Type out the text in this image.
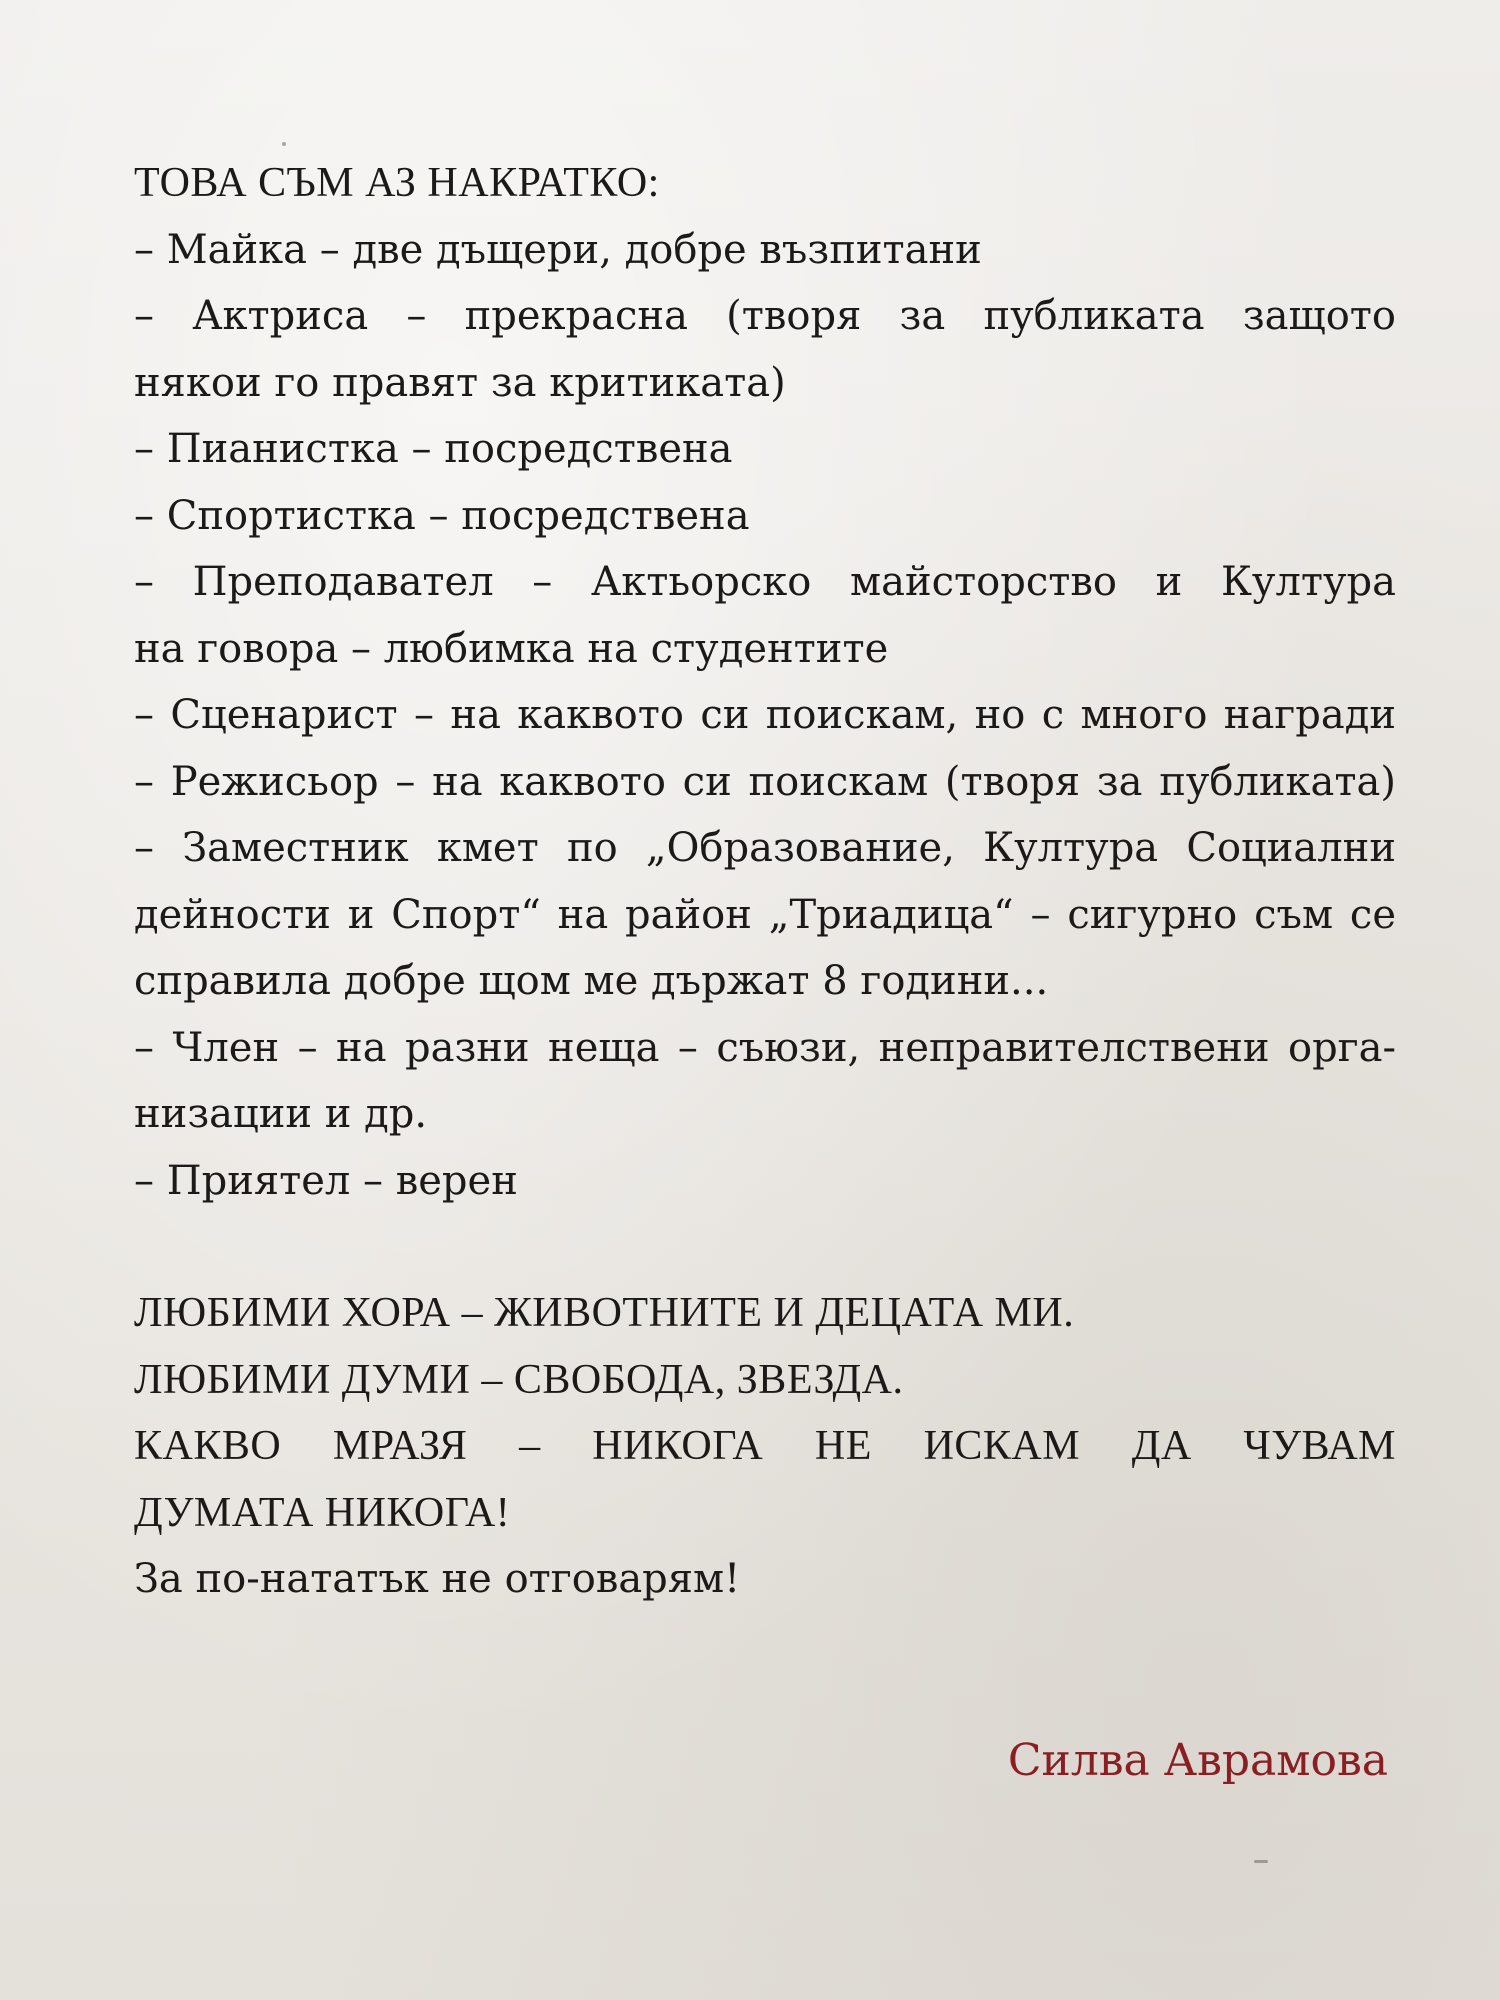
ТОВА СЪМ АЗ НАКРАТКО:
– Майка – две дъщери, добре възпитани
– Актриса – прекрасна (творя за публиката защото
някои го правят за критиката)
– Пианистка – посредствена
– Спортистка – посредствена
– Преподавател – Актьорско майсторство и Култура
на говора – любимка на студентите
– Сценарист – на каквото си поискам, но с много награди
– Режисьор – на каквото си поискам (творя за публиката)
– Заместник кмет по „Образование, Култура Социални
дейности и Спорт“ на район „Триадица“ – сигурно съм се
справила добре щом ме държат 8 години...
– Член – на разни неща – съюзи, неправителствени орга-
низации и др.
– Приятел – верен
ЛЮБИМИ ХОРА – ЖИВОТНИТЕ И ДЕЦАТА МИ.
ЛЮБИМИ ДУМИ – СВОБОДА, ЗВЕЗДА.
КАКВО МРАЗЯ – НИКОГА НЕ ИСКАМ ДА ЧУВАМ
ДУМАТА НИКОГА!
За по-нататък не отговарям!
Силва Аврамова
